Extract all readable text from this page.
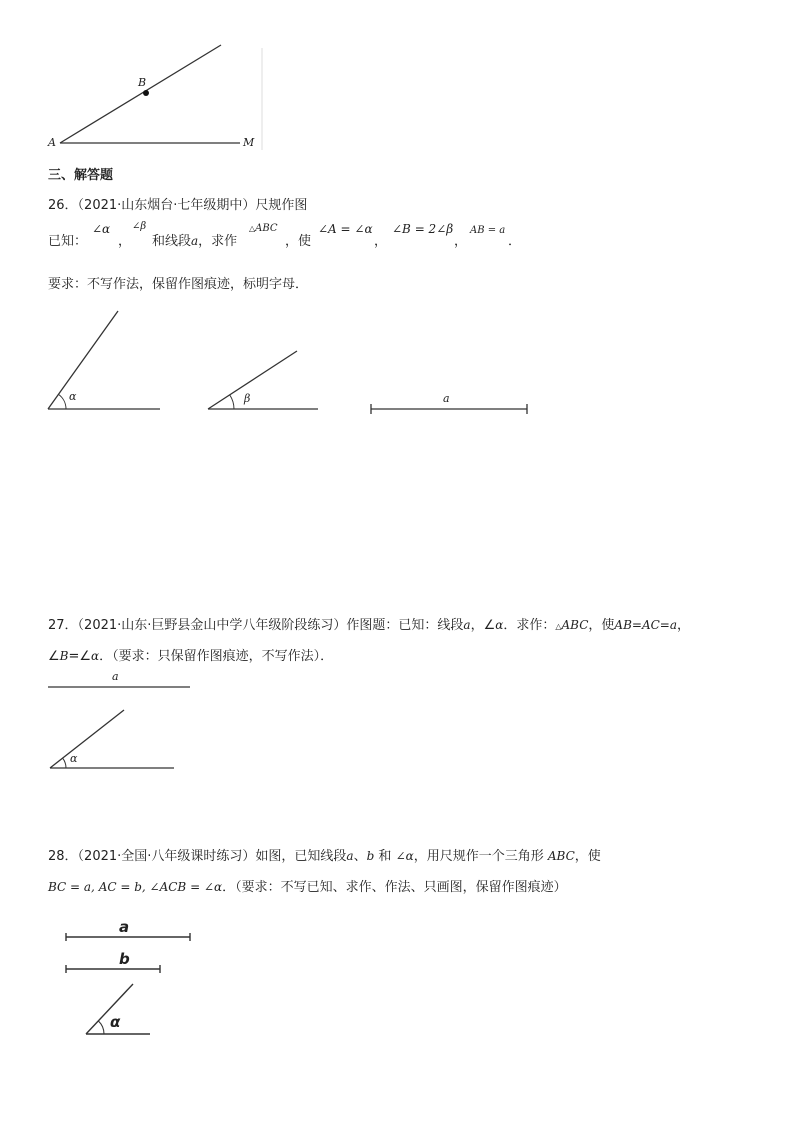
A
B
M
三、解答题
26．（2021·山东烟台·七年级期中）尺规作图
已知：
∠α
，
∠β
和线段a，求作
△ABC
，使
∠A = ∠α
，
∠B = 2∠β
，
AB = a
．
要求：不写作法，保留作图痕迹，标明字母．
α	β	a
27．（2021·山东·巨野县金山中学八年级阶段练习）作图题：已知：线段a，∠α．求作：△ABC，使AB=AC=a，
∠B=∠α．（要求：只保留作图痕迹，不写作法）．
a
α
28．（2021·全国·八年级课时练习）如图，已知线段a、b 和 ∠α，用尺规作一个三角形 ABC，使
BC = a, AC = b, ∠ACB = ∠α．（要求：不写已知、求作、作法、只画图，保留作图痕迹）
a
b
α
